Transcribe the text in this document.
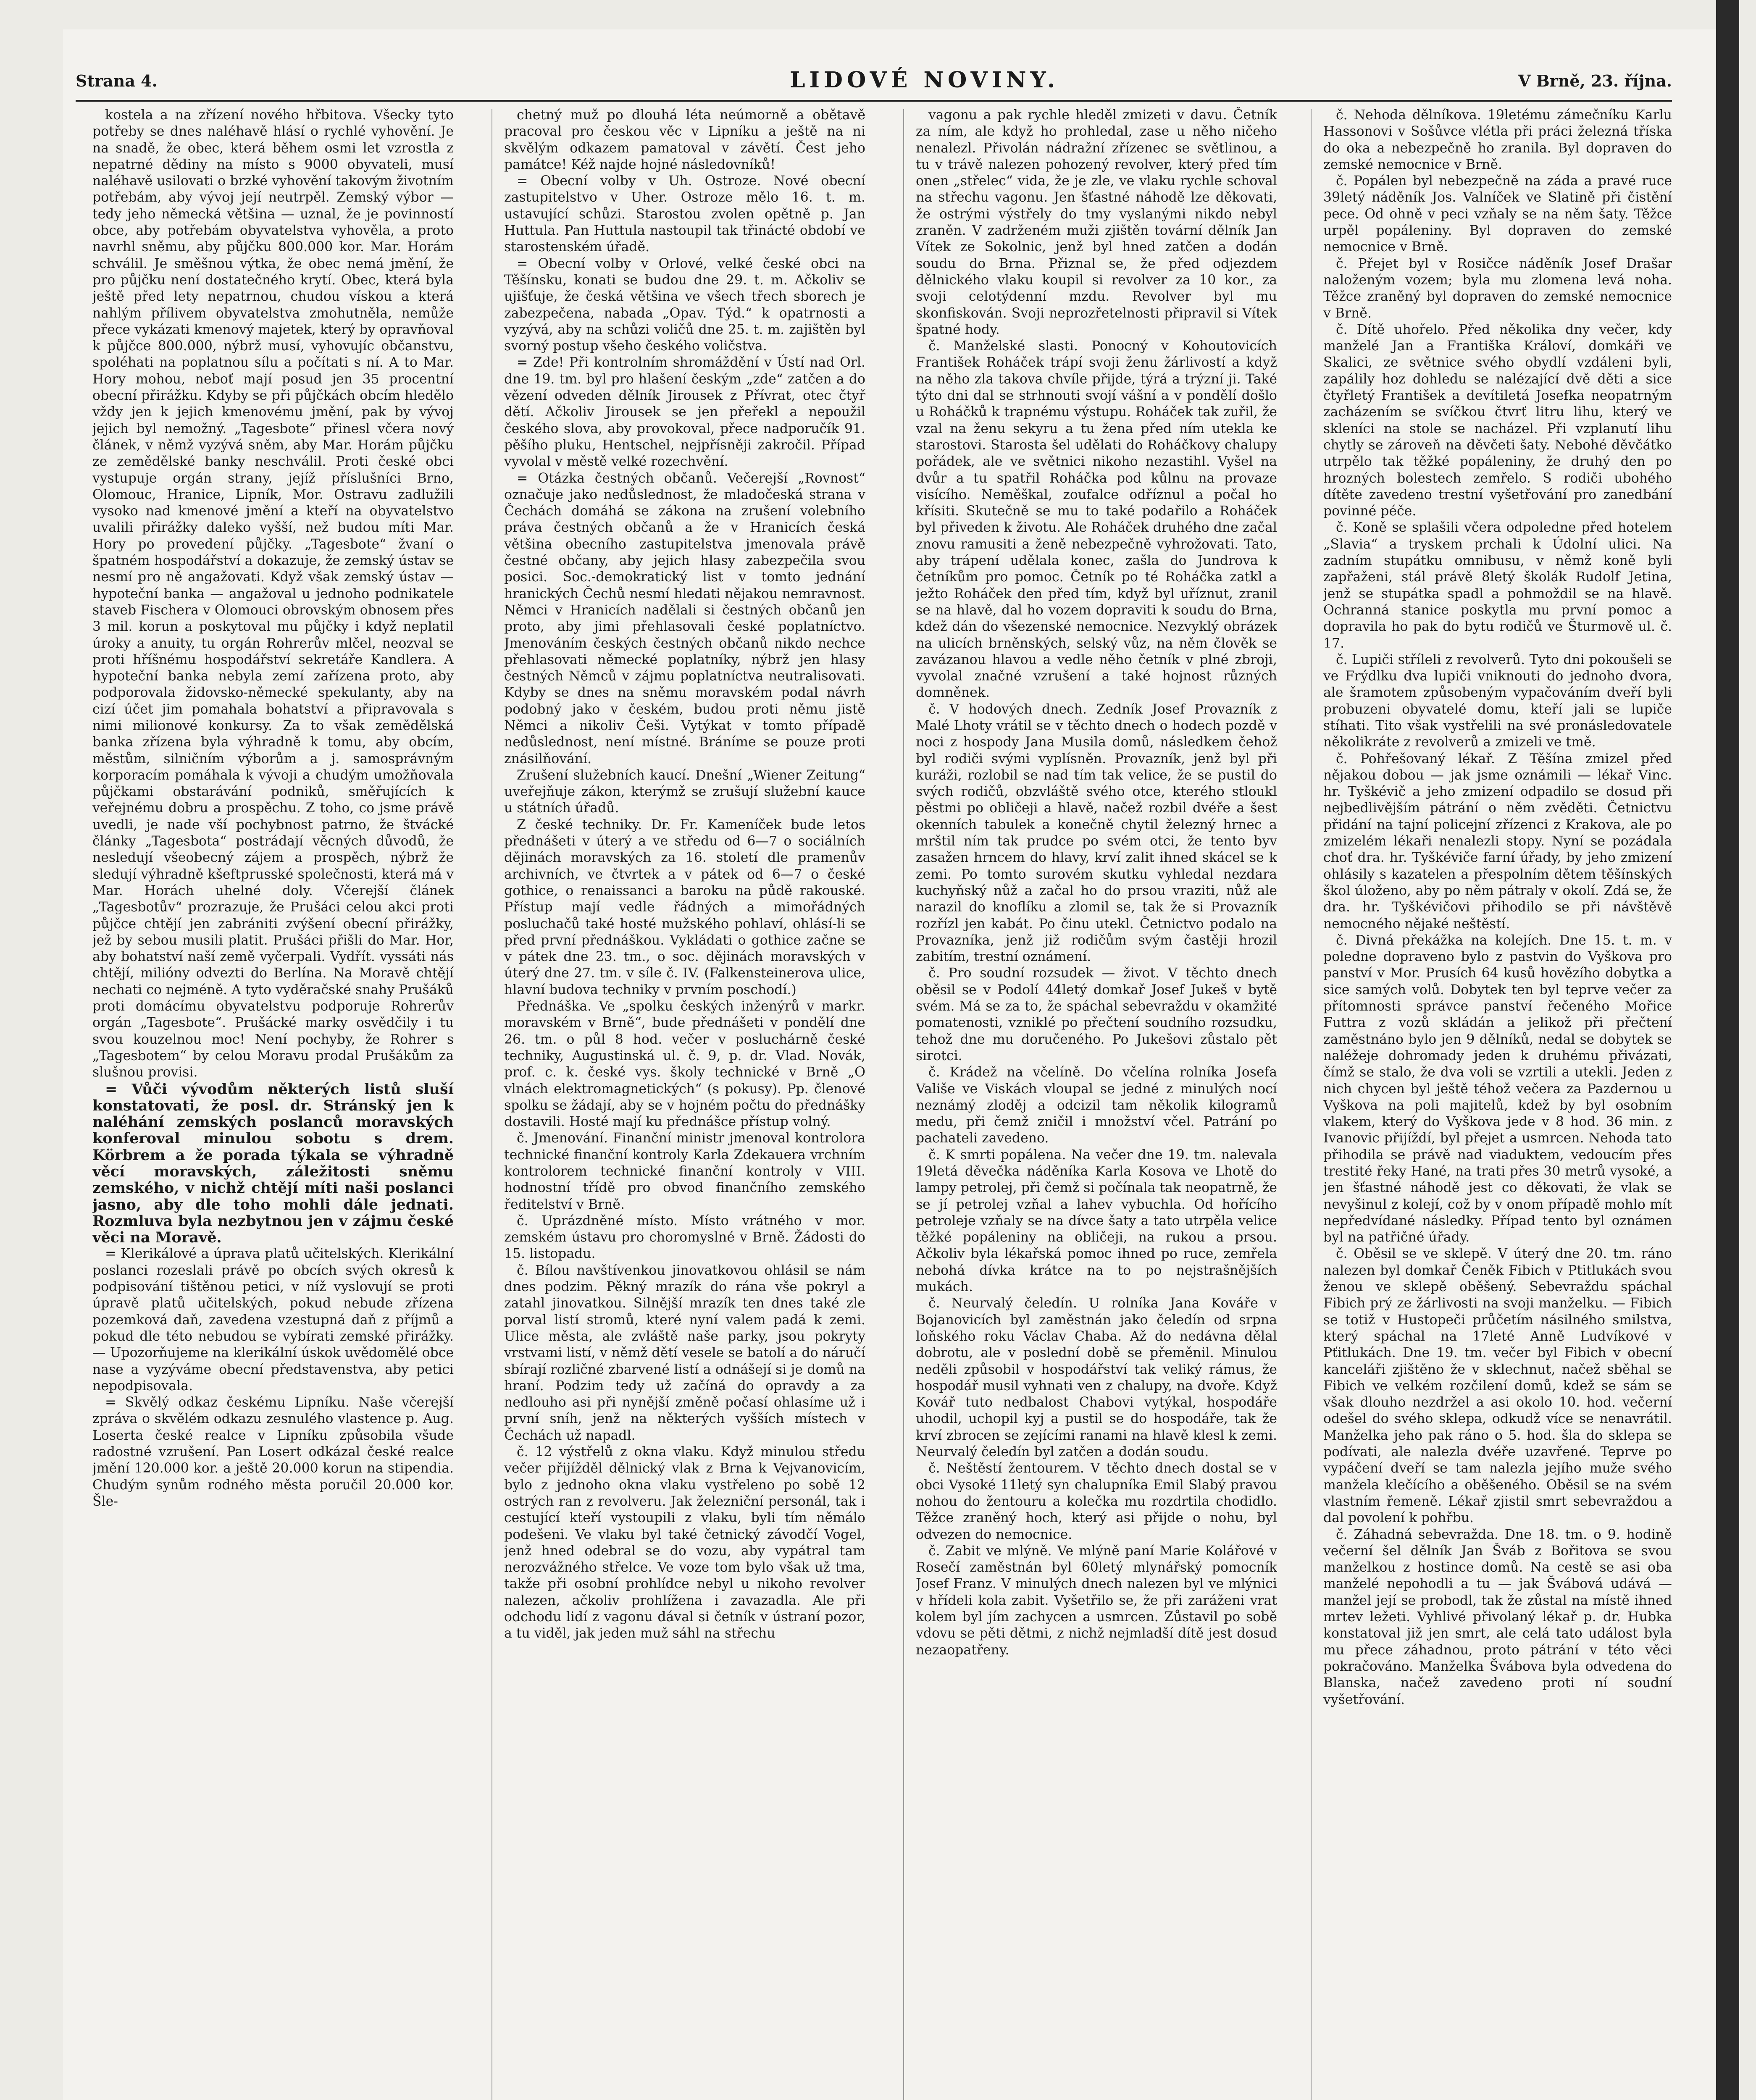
Strana 4.	LIDOVÉ NOVINY.	V Brně, 23. října.

kostela a na zřízení nového hřbitova. Všecky tyto potřeby se dnes naléhavě hlásí o rychlé vyhovění. Je na snadě, že obec, která během osmi let vzrostla z nepatrné dědiny na místo s 9000 obyvateli, musí naléhavě usilovati o brzké vyhovění takovým životním potřebám, aby vývoj její neutrpěl. Zemský výbor — tedy jeho německá většina — uznal, že je povinností obce, aby potřebám obyvatelstva vyhověla, a proto navrhl sněmu, aby půjčku 800.000 kor. Mar. Horám schválil. Je směšnou výtka, že obec nemá jmění, že pro půjčku není dostatečného krytí. Obec, která byla ještě před lety nepatrnou, chudou vískou a která nahlým přílivem obyvatelstva zmohutněla, nemůže přece vykázati kmenový majetek, který by opravňoval k půjčce 800.000, nýbrž musí, vyhovujíc občanstvu, spoléhati na poplatnou sílu a počítati s ní. A to Mar. Hory mohou, neboť mají posud jen 35 procentní obecní přirážku. Kdyby se při půjčkách obcím hledělo vždy jen k jejich kmenovému jmění, pak by vývoj jejich byl nemožný. „Tagesbote“ přinesl včera nový článek, v němž vyzývá sněm, aby Mar. Horám půjčku ze zemědělské banky neschválil. Proti české obci vystupuje orgán strany, jejíž příslušníci Brno, Olomouc, Hranice, Lipník, Mor. Ostravu zadlužili vysoko nad kmenové jmění a kteří na obyvatelstvo uvalili přirážky daleko vyšší, než budou míti Mar. Hory po provedení půjčky. „Tagesbote“ žvaní o špatném hospodářství a dokazuje, že zemský ústav se nesmí pro ně angažovati. Když však zemský ústav — hypoteční banka — angažoval u jednoho podnikatele staveb Fischera v Olomouci obrovským obnosem přes 3 mil. korun a poskytoval mu půjčky i když neplatil úroky a anuity, tu orgán Rohrerův mlčel, neozval se proti hříšnému hospodářství sekretáře Kandlera. A hypoteční banka nebyla zemí zařízena proto, aby podporovala židovsko-německé spekulanty, aby na cizí účet jim pomahala bohatství a připravovala s nimi milionové konkursy. Za to však zemědělská banka zřízena byla výhradně k tomu, aby obcím, městům, silničním výborům a j. samosprávným korporacím pomáhala k vývoji a chudým umožňovala půjčkami obstarávání podniků, směřujících k veřejnému dobru a prospěchu. Z toho, co jsme právě uvedli, je nade vší pochybnost patrno, že štvácké články „Tagesbota“ postrádají věcných důvodů, že nesledují všeobecný zájem a prospěch, nýbrž že sledují výhradně kšeftprusské společnosti, která má v Mar. Horách uhelné doly. Včerejší článek „Tagesbotův“ prozrazuje, že Prušáci celou akci proti půjčce chtějí jen zabrániti zvýšení obecní přirážky, jež by sebou musili platit. Prušáci přišli do Mar. Hor, aby bohatství naší země vyčerpali. Vydřít. vyssáti nás chtějí, milióny odvezti do Berlína. Na Moravě chtějí nechati co nejméně. A tyto vyděračské snahy Prušáků proti domácímu obyvatelstvu podporuje Rohrerův orgán „Tagesbote“. Prušácké marky osvědčily i tu svou kouzelnou moc! Není pochyby, že Rohrer s „Tagesbotem“ by celou Moravu prodal Prušákům za slušnou provisi.

= Vůči vývodům některých listů sluší konstatovati, že posl. dr. Stránský jen k naléhání zemských poslanců moravských konferoval minulou sobotu s drem. Körbrem a že porada týkala se výhradně věcí moravských, záležitosti sněmu zemského, v nichž chtějí míti naši poslanci jasno, aby dle toho mohli dále jednati. Rozmluva byla nezbytnou jen v zájmu české věci na Moravě.

= Klerikálové a úprava platů učitelských. Klerikální poslanci rozeslali právě po obcích svých okresů k podpisování tištěnou petici, v níž vyslovují se proti úpravě platů učitelských, pokud nebude zřízena pozemková daň, zavedena vzestupná daň z příjmů a pokud dle této nebudou se vybírati zemské přirážky. — Upozorňujeme na klerikální úskok uvědomělé obce nase a vyzýváme obecní představenstva, aby petici nepodpisovala.

= Skvělý odkaz českému Lipníku. Naše včerejší zpráva o skvělém odkazu zesnulého vlastence p. Aug. Loserta české realce v Lipníku způsobila všude radostné vzrušení. Pan Losert odkázal české realce jmění 120.000 kor. a ještě 20.000 korun na stipendia. Chudým synům rodného města poručil 20.000 kor. Šle-

chetný muž po dlouhá léta neúmorně a obětavě pracoval pro českou věc v Lipníku a ještě na ni skvělým odkazem pamatoval v závětí. Čest jeho památce! Kéž najde hojné následovníků!

= Obecní volby v Uh. Ostroze. Nové obecní zastupitelstvo v Uher. Ostroze mělo 16. t. m. ustavující schůzi. Starostou zvolen opětně p. Jan Huttula. Pan Huttula nastoupil tak třinácté období ve starostenském úřadě.

= Obecní volby v Orlové, velké české obci na Těšínsku, konati se budou dne 29. t. m. Ačkoliv se ujišťuje, že česká většina ve všech třech sborech je zabezpečena, nabada „Opav. Týd.“ k opatrnosti a vyzývá, aby na schůzi voličů dne 25. t. m. zajištěn byl svorný postup všeho českého voličstva.

= Zde! Při kontrolním shromáždění v Ústí nad Orl. dne 19. tm. byl pro hlašení českým „zde“ zatčen a do vězení odveden dělník Jirousek z Přívrat, otec čtyř dětí. Ačkoliv Jirousek se jen přeřekl a nepoužil českého slova, aby provokoval, přece nadporučík 91. pěšího pluku, Hentschel, nejpřísněji zakročil. Případ vyvolal v městě velké rozechvění.

= Otázka čestných občanů. Večerejší „Rovnost“ označuje jako nedůslednost, že mladočeská strana v Čechách domáhá se zákona na zrušení volebního práva čestných občanů a že v Hranicích česká většina obecního zastupitelstva jmenovala právě čestné občany, aby jejich hlasy zabezpečila svou posici. Soc.-demokratický list v tomto jednání hranických Čechů nesmí hledati nějakou nemravnost. Němci v Hranicích nadělali si čestných občanů jen proto, aby jimi přehlasovali české poplatníctvo. Jmenováním českých čestných občanů nikdo nechce přehlasovati německé poplatníky, nýbrž jen hlasy čestných Němců v zájmu poplatníctva neutralisovati. Kdyby se dnes na sněmu moravském podal návrh podobný jako v českém, budou proti němu jistě Němci a nikoliv Češi. Vytýkat v tomto případě nedůslednost, není místné. Bráníme se pouze proti znásilňování.

Zrušení služebních kaucí. Dnešní „Wiener Zeitung“ uveřejňuje zákon, kterýmž se zrušují služební kauce u státních úřadů.

Z české techniky. Dr. Fr. Kameníček bude letos přednášeti v úterý a ve středu od 6—7 o sociálních dějinách moravských za 16. století dle pramenův archivních, ve čtvrtek a v pátek od 6—7 o české gothice, o renaissanci a baroku na půdě rakouské. Přístup mají vedle řádných a mimořádných posluchačů také hosté mužského pohlaví, ohlásí-li se před první přednáškou. Vykládati o gothice začne se v pátek dne 23. tm., o soc. dějinách moravských v úterý dne 27. tm. v síle č. IV. (Falkensteinerova ulice, hlavní budova techniky v prvním poschodí.)

Přednáška. Ve „spolku českých inženýrů v markr. moravském v Brně“, bude přednášeti v pondělí dne 26. tm. o půl 8 hod. večer v posluchárně české techniky, Augustinská ul. č. 9, p. dr. Vlad. Novák, prof. c. k. české vys. školy technické v Brně „O vlnách elektromagnetických“ (s pokusy). Pp. členové spolku se žádají, aby se v hojném počtu do přednášky dostavili. Hosté mají ku přednášce přístup volný.

č. Jmenování. Finanční ministr jmenoval kontrolora technické finanční kontroly Karla Zdekauera vrchním kontrolorem technické finanční kontroly v VIII. hodnostní třídě pro obvod finančního zemského ředitelství v Brně.

č. Uprázdněné místo. Místo vrátného v mor. zemském ústavu pro choromyslné v Brně. Žádosti do 15. listopadu.

č. Bílou navštívenkou jinovatkovou ohlásil se nám dnes podzim. Pěkný mrazík do rána vše pokryl a zatahl jinovatkou. Silnější mrazík ten dnes také zle porval listí stromů, které nyní valem padá k zemi. Ulice města, ale zvláště naše parky, jsou pokryty vrstvami listí, v němž dětí vesele se batolí a do náručí sbírají rozličné zbarvené listí a odnášejí si je domů na hraní. Podzim tedy už začíná do opravdy a za nedlouho asi při nynější změně počasí ohlasíme už i první sníh, jenž na některých vyšších místech v Čechách už napadl.

č. 12 výstřelů z okna vlaku. Když minulou středu večer přijížděl dělnický vlak z Brna k Vejvanovicím, bylo z jednoho okna vlaku vystřeleno po sobě 12 ostrých ran z revolveru. Jak železniční personál, tak i cestující kteří vystoupili z vlaku, byli tím němálo podešeni. Ve vlaku byl také četnický závodčí Vogel, jenž hned odebral se do vozu, aby vypátral tam nerozvážného střelce. Ve voze tom bylo však už tma, takže při osobní prohlídce nebyl u nikoho revolver nalezen, ačkoliv prohlížena i zavazadla. Ale při odchodu lidí z vagonu dával si četník v ústraní pozor, a tu viděl, jak jeden muž sáhl na střechu

vagonu a pak rychle hleděl zmizeti v davu. Četník za ním, ale když ho prohledal, zase u něho ničeho nenalezl. Přivolán nádražní zřízenec se světlinou, a tu v trávě nalezen pohozený revolver, který před tím onen „střelec“ vida, že je zle, ve vlaku rychle schoval na střechu vagonu. Jen šťastné náhodě lze děkovati, že ostrými výstřely do tmy vyslanými nikdo nebyl zraněn. V zadrženém muži zjištěn tovární dělník Jan Vítek ze Sokolnic, jenž byl hned zatčen a dodán soudu do Brna. Přiznal se, že před odjezdem dělnického vlaku koupil si revolver za 10 kor., za svoji celotýdenní mzdu. Revolver byl mu skonfiskován. Svoji neprozřetelnosti připravil si Vítek špatné hody.

č. Manželské slasti. Ponocný v Kohoutovicích František Roháček trápí svoji ženu žárlivostí a když na něho zla takova chvíle přijde, týrá a trýzní ji. Také týto dni dal se strhnouti svojí vášní a v pondělí došlo u Roháčků k trapnému výstupu. Roháček tak zuřil, že vzal na ženu sekyru a tu žena před ním utekla ke starostovi. Starosta šel udělati do Roháčkovy chalupy pořádek, ale ve světnici nikoho nezastihl. Vyšel na dvůr a tu spatřil Roháčka pod kůlnu na provaze visícího. Neměškal, zoufalce odříznul a počal ho křísiti. Skutečně se mu to také podařilo a Roháček byl přiveden k životu. Ale Roháček druhého dne začal znovu ramusiti a ženě nebezpečně vyhrožovati. Tato, aby trápení udělala konec, zašla do Jundrova k četníkům pro pomoc. Četník po té Roháčka zatkl a ježto Roháček den před tím, když byl uříznut, zranil se na hlavě, dal ho vozem dopraviti k soudu do Brna, kdež dán do všezenské nemocnice. Nezvyklý obrázek na ulicích brněnských, selský vůz, na něm člověk se zavázanou hlavou a vedle něho četník v plné zbroji, vyvolal značné vzrušení a také hojnost různých domněnek.

č. V hodových dnech. Zedník Josef Provazník z Malé Lhoty vrátil se v těchto dnech o hodech pozdě v noci z hospody Jana Musila domů, následkem čehož byl rodiči svými vyplísněn. Provazník, jenž byl při kuráži, rozlobil se nad tím tak velice, že se pustil do svých rodičů, obzvláště svého otce, kterého stloukl pěstmi po obličeji a hlavě, načež rozbil dvéře a šest okenních tabulek a konečně chytil železný hrnec a mrštil ním tak prudce po svém otci, že tento byv zasažen hrncem do hlavy, krví zalit ihned skácel se k zemi. Po tomto surovém skutku vyhledal nezdara kuchyňský nůž a začal ho do prsou vraziti, nůž ale narazil do knoflíku a zlomil se, tak že si Provazník rozřízl jen kabát. Po činu utekl. Četnictvo podalo na Provazníka, jenž již rodičům svým častěji hrozil zabitím, trestní oznámení.

č. Pro soudní rozsudek — život. V těchto dnech oběsil se v Podolí 44letý domkař Josef Jukeš v bytě svém. Má se za to, že spáchal sebevraždu v okamžité pomatenosti, vzniklé po přečtení soudního rozsudku, tehož dne mu doručeného. Po Jukešovi zůstalo pět sirotci.

č. Krádež na včelíně. Do včelína rolníka Josefa Vališe ve Viskách vloupal se jedné z minulých nocí neznámý zloděj a odcizil tam několik kilogramů medu, při čemž zničil i množství včel. Patrání po pachateli zavedeno.

č. K smrti popálena. Na večer dne 19. tm. nalevala 19letá děvečka náděníka Karla Kosova ve Lhotě do lampy petrolej, při čemž si počínala tak neopatrně, že se jí petrolej vzňal a lahev vybuchla. Od hořícího petroleje vzňaly se na dívce šaty a tato utrpěla velice těžké popáleniny na obličeji, na rukou a prsou. Ačkoliv byla lékařská pomoc ihned po ruce, zemřela nebohá dívka krátce na to po nejstrašnějších mukách.

č. Neurvalý čeledín. U rolníka Jana Kováře v Bojanovicích byl zaměstnán jako čeledín od srpna loňského roku Václav Chaba. Až do nedávna dělal dobrotu, ale v poslední době se přeměnil. Minulou neděli způsobil v hospodářství tak veliký rámus, že hospodář musil vyhnati ven z chalupy, na dvoře. Když Kovář tuto nedbalost Chabovi vytýkal, hospodáře uhodil, uchopil kyj a pustil se do hospodáře, tak že krví zbrocen se zejícími ranami na hlavě klesl k zemi. Neurvalý čeledín byl zatčen a dodán soudu.

č. Neštěstí žentourem. V těchto dnech dostal se v obci Vysoké 11letý syn chalupníka Emil Slabý pravou nohou do žentouru a kolečka mu rozdrtila chodidlo. Těžce zraněný hoch, který asi přijde o nohu, byl odvezen do nemocnice.

č. Zabit ve mlýně. Ve mlýně paní Marie Kolářové v Rosečí zaměstnán byl 60letý mlynářský pomocník Josef Franz. V minulých dnech nalezen byl ve mlýnici v hřídeli kola zabit. Vyšetřilo se, že při zaráženi vrat kolem byl jím zachycen a usmrcen. Zůstavil po sobě vdovu se pěti dětmi, z nichž nejmladší dítě jest dosud nezaopatřeny.

č. Nehoda dělníkova. 19letému zámečníku Karlu Hassonovi v Sošůvce vlétla při práci železná tříska do oka a nebezpečně ho zranila. Byl dopraven do zemské nemocnice v Brně.

č. Popálen byl nebezpečně na záda a pravé ruce 39letý náděník Jos. Valníček ve Slatině při čistění pece. Od ohně v peci vzňaly se na něm šaty. Těžce urpěl popáleniny. Byl dopraven do zemské nemocnice v Brně.

č. Přejet byl v Rosičce náděník Josef Drašar naloženým vozem; byla mu zlomena levá noha. Těžce zraněný byl dopraven do zemské nemocnice v Brně.

č. Dítě uhořelo. Před několika dny večer, kdy manželé Jan a Františka Královí, domkáři ve Skalici, ze světnice svého obydlí vzdáleni byli, zapálily hoz dohledu se nalézající dvě děti a sice čtyřletý František a devítiletá Josefka neopatrným zacházením se svíčkou čtvrť litru lihu, který ve skleníci na stole se nacházel. Při vzplanutí lihu chytly se zároveň na děvčeti šaty. Nebohé děvčátko utrpělo tak těžké popáleniny, že druhý den po hrozných bolestech zemřelo. S rodiči ubohého dítěte zavedeno trestní vyšetřování pro zanedbání povinné péče.

č. Koně se splašili včera odpoledne před hotelem „Slavia“ a tryskem prchali k Údolní ulici. Na zadním stupátku omnibusu, v němž koně byli zapřaženi, stál právě 8letý školák Rudolf Jetina, jenž se stupátka spadl a pohmoždil se na hlavě. Ochranná stanice poskytla mu první pomoc a dopravila ho pak do bytu rodičů ve Šturmově ul. č. 17.

č. Lupiči stříleli z revolverů. Tyto dni pokoušeli se ve Frýdlku dva lupiči vniknouti do jednoho dvora, ale šramotem způsobeným vypačováním dveří byli probuzeni obyvatelé domu, kteří jali se lupiče stíhati. Tito však vystřelili na své pronásledovatele několikráte z revolverů a zmizeli ve tmě.

č. Pohřešovaný lékař. Z Těšína zmizel před nějakou dobou — jak jsme oznámili — lékař Vinc. hr. Tyškévič a jeho zmizení odpadilo se dosud při nejbedlivějším pátrání o něm zvěděti. Četnictvu přidání na tajní policejní zřízenci z Krakova, ale po zmizelém lékaři nenalezli stopy. Nyní se pozádala choť dra. hr. Tyškéviče farní úřady, by jeho zmizení ohlásily s kazatelen a přespolním dětem těšínských škol úloženo, aby po něm pátraly v okolí. Zdá se, že dra. hr. Tyškévičovi přihodilo se při návštěvě nemocného nějaké neštěstí.

č. Divná překážka na kolejích. Dne 15. t. m. v poledne dopraveno bylo z pastvin do Vyškova pro panství v Mor. Prusích 64 kusů hovězího dobytka a sice samých volů. Dobytek ten byl teprve večer za přítomnosti správce panství řečeného Mořice Futtra z vozů skládán a jelikož při přečtení zaměstnáno bylo jen 9 dělníků, nedal se dobytek se naléžeje dohromady jeden k druhému přivázati, čímž se stalo, že dva voli se vzrtili a utekli. Jeden z nich chycen byl ještě téhož večera za Pazdernou u Vyškova na poli majitelů, kdež by byl osobním vlakem, který do Vyškova jede v 8 hod. 36 min. z Ivanovic přijíždí, byl přejet a usmrcen. Nehoda tato přihodila se právě nad viaduktem, vedoucím přes trestité řeky Hané, na trati přes 30 metrů vysoké, a jen šťastné náhodě jest co děkovati, že vlak se nevyšinul z kolejí, což by v onom případě mohlo mít nepředvídané následky. Případ tento byl oznámen byl na patřičné úřady.

č. Oběsil se ve sklepě. V úterý dne 20. tm. ráno nalezen byl domkař Čeněk Fibich v Ptitlukách svou ženou ve sklepě oběšený. Sebevraždu spáchal Fibich prý ze žárlivosti na svoji manželku. — Fibich se totiž v Hustopeči průčetím násilného smilstva, který spáchal na 17leté Anně Ludvíkové v Pťitlukách. Dne 19. tm. večer byl Fibich v obecní kanceláři zjištěno že v sklechnut, načež sběhal se Fibich ve velkém rozčilení domů, kdež se sám se však dlouho nezdržel a asi okolo 10. hod. večerní odešel do svého sklepa, odkudž více se nenavrátil. Manželka jeho pak ráno o 5. hod. šla do sklepa se podívati, ale nalezla dvéře uzavřené. Teprve po vypáčení dveří se tam nalezla jejího muže svého manžela klečícího a oběšeného. Oběsil se na svém vlastním řemeně. Lékař zjistil smrt sebevraždou a dal povolení k pohřbu.

č. Záhadná sebevražda. Dne 18. tm. o 9. hodině večerní šel dělník Jan Šváb z Bořitova se svou manželkou z hostince domů. Na cestě se asi oba manželé nepohodli a tu — jak Švábová udává — manžel její se probodl, tak že zůstal na místě ihned mrtev ležeti. Vyhlivé přivolaný lékař p. dr. Hubka konstatoval již jen smrt, ale celá tato událost byla mu přece záhadnou, proto pátrání v této věci pokračováno. Manželka Švábova byla odvedena do Blanska, načež zavedeno proti ní soudní vyšetřování.
